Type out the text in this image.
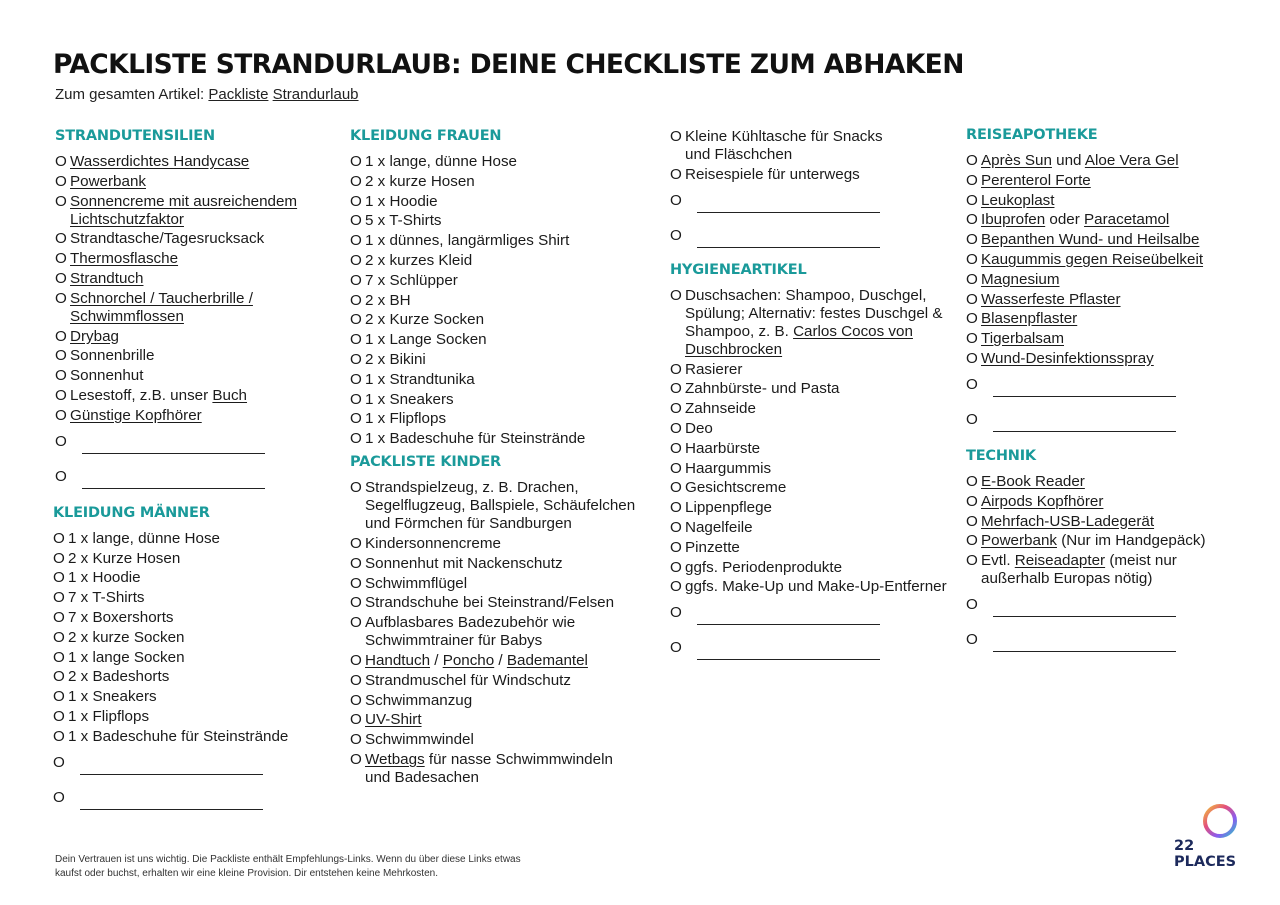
PACKLISTE STRANDURLAUB: DEINE CHECKLISTE ZUM ABHAKEN
Zum gesamten Artikel: Packliste Strandurlaub
STRANDUTENSILIEN
O Wasserdichtes Handycase
O Powerbank
O Sonnencreme mit ausreichendem Lichtschutzfaktor
O Strandtasche/Tagesrucksack
O Thermosflasche
O Strandtuch
O Schnorchel / Taucherbrille / Schwimmflossen
O Drybag
O Sonnenbrille
O Sonnenhut
O Lesestoff, z.B. unser Buch
O Günstige Kopfhörer
O
O
KLEIDUNG MÄNNER
O 1 x lange, dünne Hose
O 2 x Kurze Hosen
O 1 x Hoodie
O 7 x T-Shirts
O 7 x Boxershorts
O 2 x kurze Socken
O 1 x lange Socken
O 2 x Badeshorts
O 1 x Sneakers
O 1 x Flipflops
O 1 x Badeschuhe für Steinstrände
O
O
KLEIDUNG FRAUEN
O 1 x lange, dünne Hose
O 2 x kurze Hosen
O 1 x Hoodie
O 5 x T-Shirts
O 1 x dünnes, langärmliges Shirt
O 2 x kurzes Kleid
O 7 x Schlüpper
O 2 x BH
O 2 x Kurze Socken
O 1 x Lange Socken
O 2 x Bikini
O 1 x Strandtunika
O 1 x Sneakers
O 1 x Flipflops
O 1 x Badeschuhe für Steinstrände
PACKLISTE KINDER
O Strandspielzeug, z. B. Drachen, Segelflugzeug, Ballspiele, Schäufelchen und Förmchen für Sandburgen
O Kindersonnencreme
O Sonnenhut mit Nackenschutz
O Schwimmflügel
O Strandschuhe bei Steinstrand/Felsen
O Aufblasbares Badezubehör wie Schwimmtrainer für Babys
O Handtuch / Poncho / Bademantel
O Strandmuschel für Windschutz
O Schwimmanzug
O UV-Shirt
O Schwimmwindel
O Wetbags für nasse Schwimmwindeln und Badesachen
O Kleine Kühltasche für Snacks und Fläschchen
O Reisespiele für unterwegs
O
O
HYGIENEARTIKEL
O Duschsachen: Shampoo, Duschgel, Spülung; Alternativ: festes Duschgel & Shampoo, z. B. Carlos Cocos von Duschbrocken
O Rasierer
O Zahnbürste- und Pasta
O Zahnseide
O Deo
O Haarbürste
O Haargummis
O Gesichtscreme
O Lippenpflege
O Nagelfeile
O Pinzette
O ggfs. Periodenprodukte
O ggfs. Make-Up und Make-Up-Entferner
O
O
REISEAPOTHEKE
O Après Sun und Aloe Vera Gel
O Perenterol Forte
O Leukoplast
O Ibuprofen oder Paracetamol
O Bepanthen Wund- und Heilsalbe
O Kaugummis gegen Reiseübelkeit
O Magnesium
O Wasserfeste Pflaster
O Blasenpflaster
O Tigerbalsam
O Wund-Desinfektionsspray
O
O
TECHNIK
O E-Book Reader
O Airpods Kopfhörer
O Mehrfach-USB-Ladegerät
O Powerbank (Nur im Handgepäck)
O Evtl. Reiseadapter (meist nur außerhalb Europas nötig)
O
O
Dein Vertrauen ist uns wichtig. Die Packliste enthält Empfehlungs-Links. Wenn du über diese Links etwas kaufst oder buchst, erhalten wir eine kleine Provision. Dir entstehen keine Mehrkosten.
22
PLACES
